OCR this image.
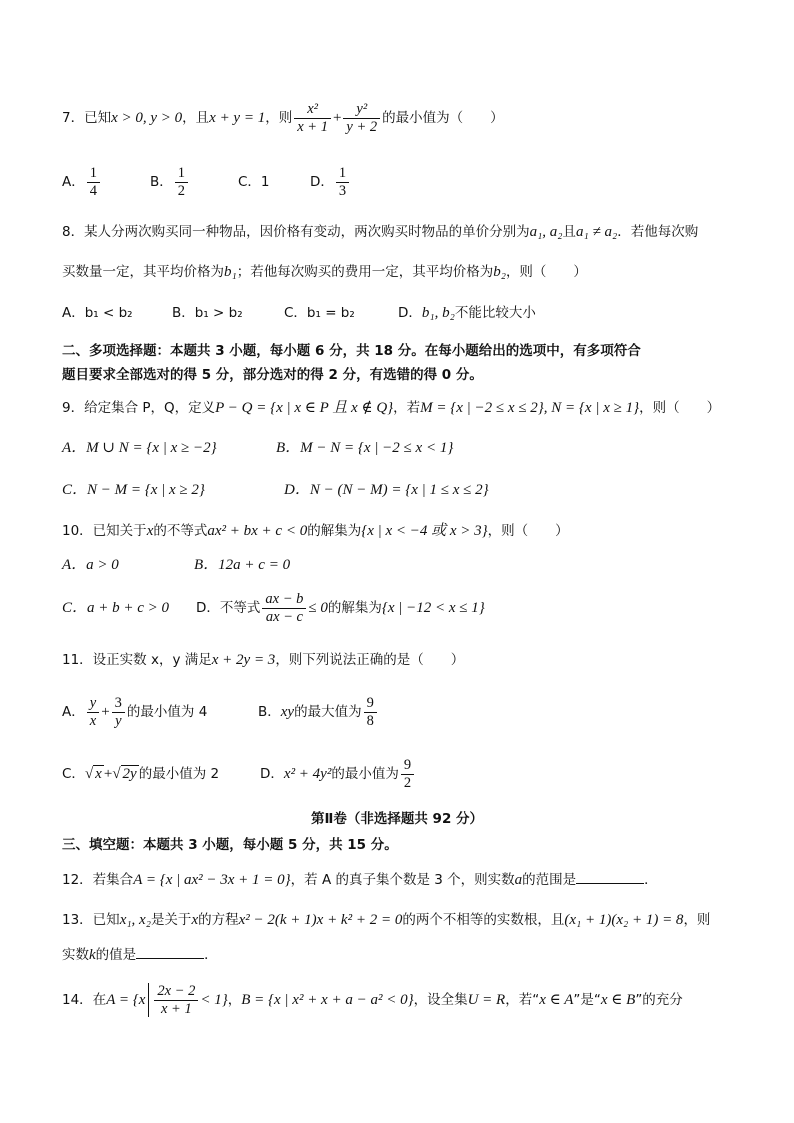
7．已知x > 0, y > 0，且x + y = 1，则 $\frac{\text{x²}}{x + 1} + \frac{\text{y²}}{y + 2}$ 的最小值为（　　）
A． $\frac{1}{4}$	B． $\frac{1}{2}$	C．1	D． $\frac{1}{3}$
8．某人分两次购买同一种物品，因价格有变动，两次购买时物品的单价分别为a₁, a₂且a₁ ≠ a₂．若他每次购
买数量一定，其平均价格为b₁；若他每次购买的费用一定，其平均价格为b₂，则（　　）
A．b₁ < b₂	B．b₁ > b₂	C．b₁ = b₂	D．b₁, b₂不能比较大小
二、多项选择题：本题共 3 小题，每小题 6 分，共 18 分。在每小题给出的选项中，有多项符合
题目要求全部选对的得 5 分，部分选对的得 2 分，有选错的得 0 分。
9．给定集合 P，Q，定义P − Q = {x | x ∈ P 且 x ∉ Q}，若M = {x | −2 ≤ x ≤ 2}, N = {x | x ≥ 1}，则（　　）
A．M ∪ N = {x | x ≥ −2}	B．M − N = {x | −2 ≤ x < 1}
C．N − M = {x | x ≥ 2}	D．N − (N − M) = {x | 1 ≤ x ≤ 2}
10．已知关于x的不等式ax² + bx + c < 0的解集为{x | x < −4 或 x > 3}，则（　　）
A．a > 0	B．12a + c = 0
C．a + b + c > 0 D．不等式 $\frac{ax - b}{ax - c} \le 0$的解集为{x | −12 < x ≤ 1}
11．设正实数 x，y 满足x + 2y = 3，则下列说法正确的是（　　）
A． $\frac{y}{x} + \frac{3}{y}$ 的最小值为 4	B．xy的最大值为 $\frac{9}{8}$
C．√ x +√ 2y 的最小值为 2	D．x² + 4y²的最小值为 $\frac{9}{2}$
第Ⅱ卷（非选择题共 92 分）
三、填空题：本题共 3 小题，每小题 5 分，共 15 分。
12．若集合A = {x | ax² − 3x + 1 = 0}，若 A 的真子集个数是 3 个，则实数a的范围是	．
13．已知x₁, x₂是关于x的方程x² − 2(k + 1)x + k² + 2 = 0的两个不相等的实数根，且(x₁ + 1)(x₂ + 1) = 8，则
实数k的值是	．
14．在$A = \{x \frac{2x - 2}{x + 1} < 1\}$，B = {x | x² + x + a − a² < 0}，设全集U = R，若“x ∈ A”是“x ∈ B”的充分
